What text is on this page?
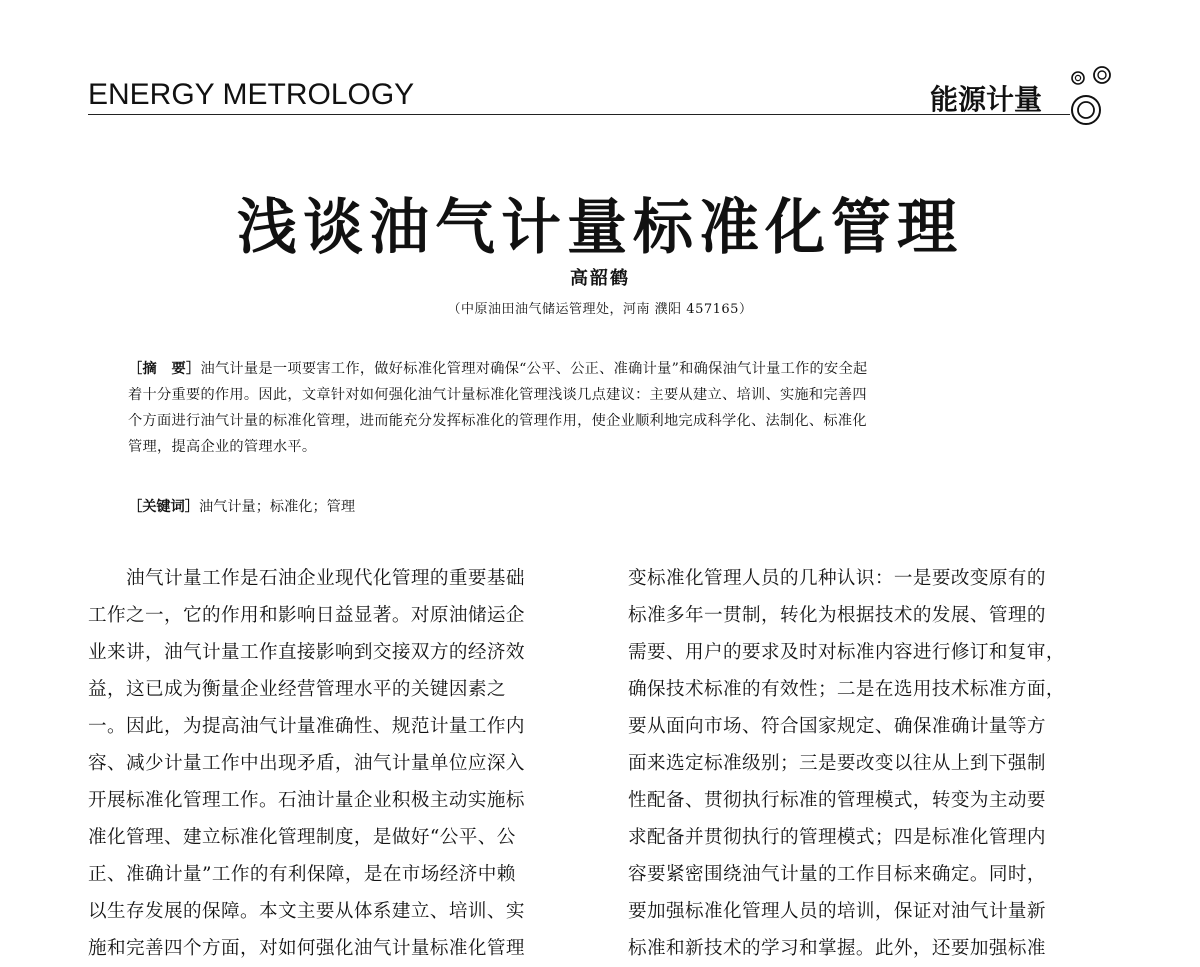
ENERGY METROLOGY	能源计量
浅谈油气计量标准化管理
高韶鹤
（中原油田油气储运管理处，河南 濮阳 457165）
［摘　要］油气计量是一项要害工作，做好标准化管理对确保“公平、公正、准确计量”和确保油气计量工作的安全起
着十分重要的作用。因此，文章针对如何强化油气计量标准化管理浅谈几点建议：主要从建立、培训、实施和完善四
个方面进行油气计量的标准化管理，进而能充分发挥标准化的管理作用，使企业顺利地完成科学化、法制化、标准化
管理，提高企业的管理水平。
［关键词］油气计量；标准化；管理
油气计量工作是石油企业现代化管理的重要基础
工作之一，它的作用和影响日益显著。对原油储运企
业来讲，油气计量工作直接影响到交接双方的经济效
益，这已成为衡量企业经营管理水平的关键因素之
一。因此，为提高油气计量准确性、规范计量工作内
容、减少计量工作中出现矛盾，油气计量单位应深入
开展标准化管理工作。石油计量企业积极主动实施标
准化管理、建立标准化管理制度，是做好“公平、公
正、准确计量”工作的有利保障，是在市场经济中赖
以生存发展的保障。本文主要从体系建立、培训、实
施和完善四个方面，对如何强化油气计量标准化管理
变标准化管理人员的几种认识：一是要改变原有的
标准多年一贯制，转化为根据技术的发展、管理的
需要、用户的要求及时对标准内容进行修订和复审，
确保技术标准的有效性；二是在选用技术标准方面，
要从面向市场、符合国家规定、确保准确计量等方
面来选定标准级别；三是要改变以往从上到下强制
性配备、贯彻执行标准的管理模式，转变为主动要
求配备并贯彻执行的管理模式；四是标准化管理内
容要紧密围绕油气计量的工作目标来确定。同时，
要加强标准化管理人员的培训，保证对油气计量新
标准和新技术的学习和掌握。此外，还要加强标准
